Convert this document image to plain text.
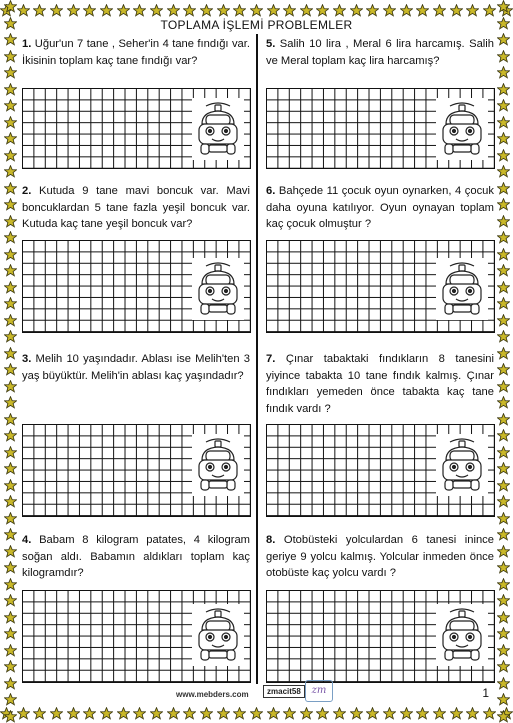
TOPLAMA İŞLEMİ PROBLEMLER

1. Uğur'un 7 tane , Seher'in 4 tane fındığı var. İkisinin toplam kaç tane fındığı var?

2. Kutuda 9 tane mavi boncuk var. Mavi boncuklardan 5 tane fazla yeşil boncuk var. Kutuda kaç tane yeşil boncuk var?

3. Melih 10 yaşındadır. Ablası ise Melih'ten 3 yaş büyüktür. Melih'in ablası kaç yaşındadır?

4. Babam 8 kilogram patates, 4 kilogram soğan aldı. Babamın aldıkları toplam kaç kilogramdır?

5. Salih 10 lira , Meral 6 lira harcamış. Salih ve Meral toplam kaç lira harcamış?

6. Bahçede 11 çocuk oyun oynarken, 4 çocuk daha oyuna katılıyor. Oyun oynayan toplam kaç çocuk olmuştur ?

7. Çınar tabaktaki fındıkların 8 tanesini yiyince tabakta 10 tane fındık kalmış. Çınar fındıkları yemeden önce tabakta kaç tane fındık vardı ?

8. Otobüsteki yolculardan 6 tanesi inince geriye 9 yolcu kalmış. Yolcular inmeden önce otobüste kaç yolcu vardı ?

www.mebders.com	zmacit58	zm	1
